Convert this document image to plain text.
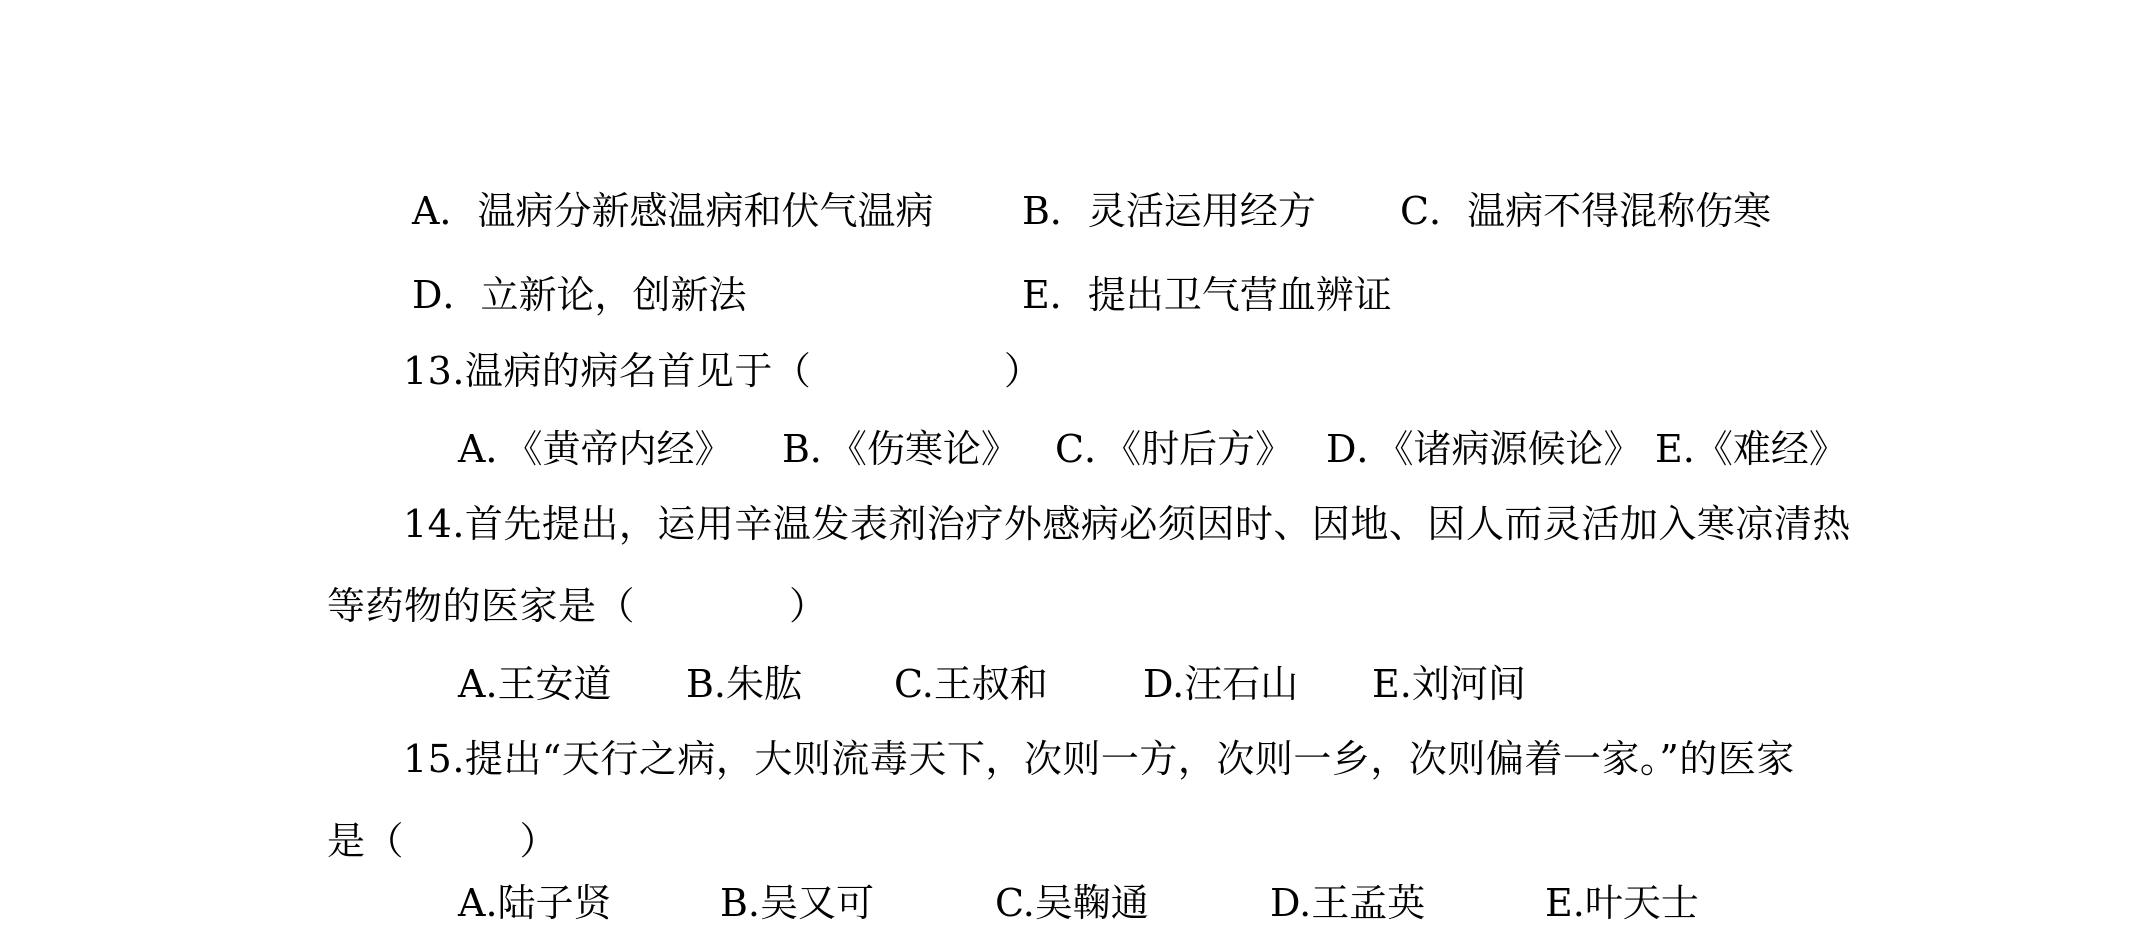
A．温病分新感温病和伏气温病 B．灵活运用经方 C．温病不得混称伤寒
D．立新论，创新法	E．提出卫气营血辨证
13.温病的病名首见于（　　　　　）
A．《黄帝内经》 B．《伤寒论》 C．《肘后方》 D．《诸病源候论》 E.《难经》
14.首先提出，运用辛温发表剂治疗外感病必须因时、因地、因人而灵活加入寒凉清热
等药物的医家是（　　　　）
A.王安道 B.朱肱 C.王叔和	D.汪石山 E.刘河间
15.提出“天行之病，大则流毒天下，次则一方，次则一乡，次则偏着一家。”的医家
是（　　　）
A.陆子贤	B.吴又可	C.吴鞠通	D.王孟英	E.叶天士
